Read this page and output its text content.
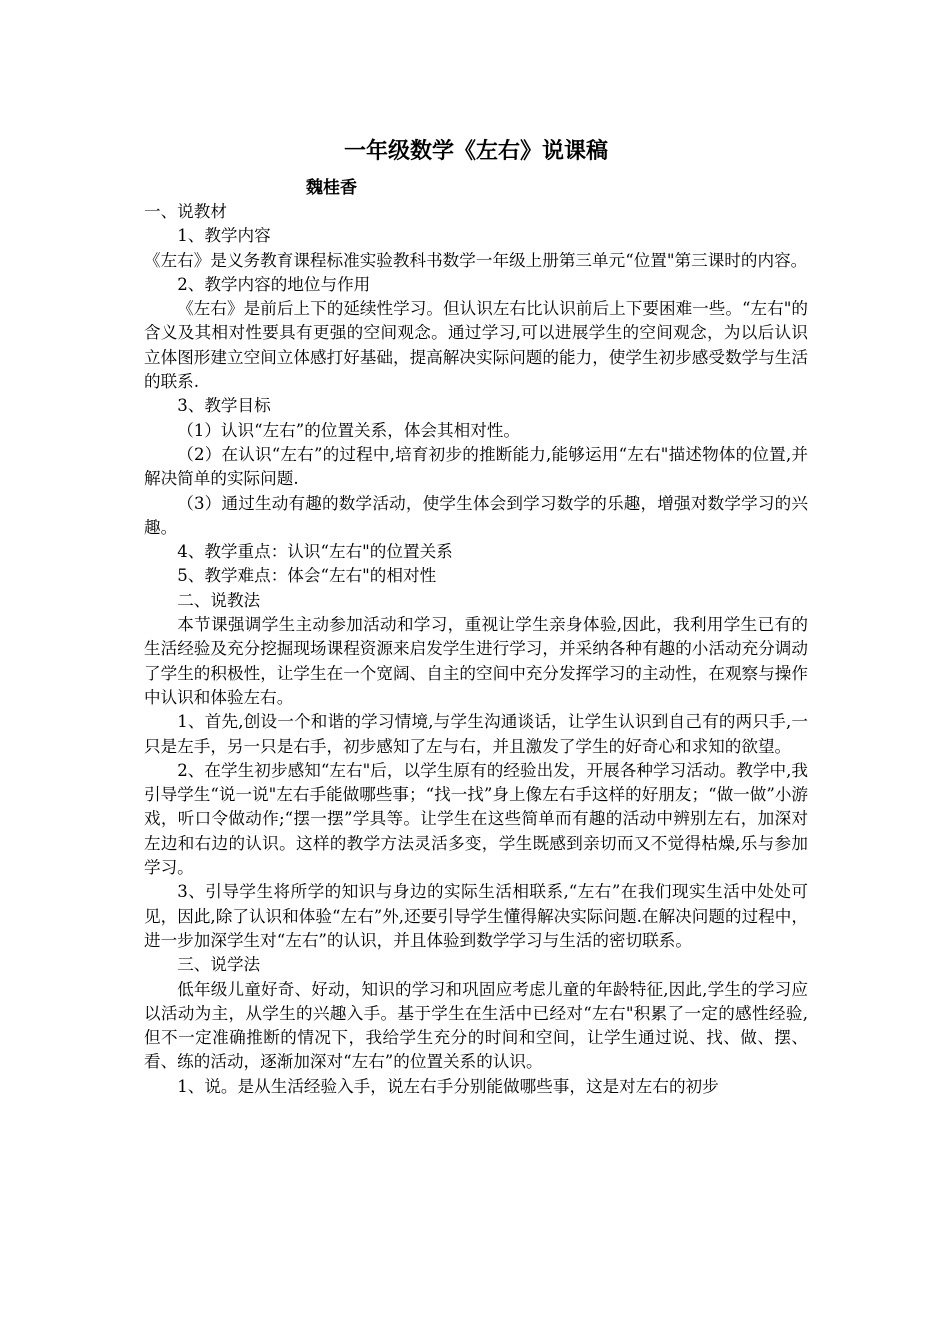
一年级数学《左右》说课稿
魏桂香

一、说教材

1、教学内容

《左右》是义务教育课程标准实验教科书数学一年级上册第三单元“位置"第三课时的内容。

2、教学内容的地位与作用

《左右》是前后上下的延续性学习。但认识左右比认识前后上下要困难一些。“左右"的含义及其相对性要具有更强的空间观念。通过学习,可以进展学生的空间观念，为以后认识立体图形建立空间立体感打好基础，提高解决实际问题的能力，使学生初步感受数学与生活的联系.

3、教学目标

（1）认识“左右”的位置关系，体会其相对性。

（2）在认识“左右”的过程中,培育初步的推断能力,能够运用“左右"描述物体的位置,并解决简单的实际问题.

（3）通过生动有趣的数学活动，使学生体会到学习数学的乐趣，增强对数学学习的兴趣。

4、教学重点：认识“左右"的位置关系

5、教学难点：体会“左右"的相对性

二、说教法

本节课强调学生主动参加活动和学习，重视让学生亲身体验,因此，我利用学生已有的生活经验及充分挖掘现场课程资源来启发学生进行学习，并采纳各种有趣的小活动充分调动了学生的积极性，让学生在一个宽阔、自主的空间中充分发挥学习的主动性，在观察与操作中认识和体验左右。

1、首先,创设一个和谐的学习情境,与学生沟通谈话，让学生认识到自己有的两只手,一只是左手，另一只是右手，初步感知了左与右，并且激发了学生的好奇心和求知的欲望。

2、在学生初步感知“左右"后，以学生原有的经验出发，开展各种学习活动。教学中,我引导学生“说一说"左右手能做哪些事；“找一找”身上像左右手这样的好朋友；“做一做”小游戏，听口令做动作;“摆一摆”学具等。让学生在这些简单而有趣的活动中辨别左右，加深对左边和右边的认识。这样的教学方法灵活多变，学生既感到亲切而又不觉得枯燥,乐与参加学习。

3、引导学生将所学的知识与身边的实际生活相联系,“左右”在我们现实生活中处处可见，因此,除了认识和体验“左右”外,还要引导学生懂得解决实际问题.在解决问题的过程中，进一步加深学生对“左右”的认识，并且体验到数学学习与生活的密切联系。

三、说学法

低年级儿童好奇、好动，知识的学习和巩固应考虑儿童的年龄特征,因此,学生的学习应以活动为主，从学生的兴趣入手。基于学生在生活中已经对“左右"积累了一定的感性经验,但不一定准确推断的情况下，我给学生充分的时间和空间，让学生通过说、找、做、摆、看、练的活动，逐渐加深对“左右”的位置关系的认识。

1、说。是从生活经验入手，说左右手分别能做哪些事，这是对左右的初步
